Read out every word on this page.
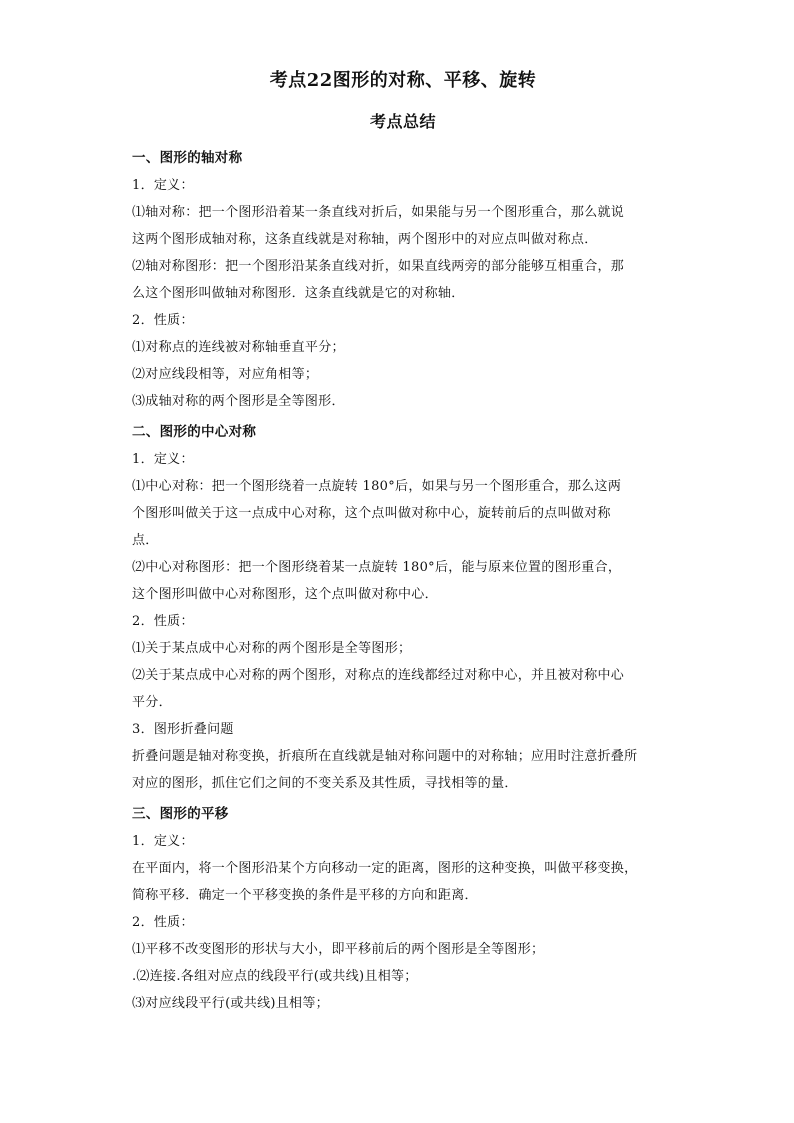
考点22图形的对称、平移、旋转
考点总结
一、图形的轴对称
1．定义：
⑴轴对称：把一个图形沿着某一条直线对折后，如果能与另一个图形重合，那么就说
这两个图形成轴对称，这条直线就是对称轴，两个图形中的对应点叫做对称点．
⑵轴对称图形：把一个图形沿某条直线对折，如果直线两旁的部分能够互相重合，那
么这个图形叫做轴对称图形．这条直线就是它的对称轴．
2．性质：
⑴对称点的连线被对称轴垂直平分；
⑵对应线段相等，对应角相等；
⑶成轴对称的两个图形是全等图形．
二、图形的中心对称
1．定义：
⑴中心对称：把一个图形绕着一点旋转 180°后，如果与另一个图形重合，那么这两
个图形叫做关于这一点成中心对称，这个点叫做对称中心，旋转前后的点叫做对称
点．
⑵中心对称图形：把一个图形绕着某一点旋转 180°后，能与原来位置的图形重合，
这个图形叫做中心对称图形，这个点叫做对称中心．
2．性质：
⑴关于某点成中心对称的两个图形是全等图形；
⑵关于某点成中心对称的两个图形，对称点的连线都经过对称中心，并且被对称中心
平分．
3．图形折叠问题
折叠问题是轴对称变换，折痕所在直线就是轴对称问题中的对称轴；应用时注意折叠所
对应的图形，抓住它们之间的不变关系及其性质，寻找相等的量．
三、图形的平移
1．定义：
在平面内，将一个图形沿某个方向移动一定的距离，图形的这种变换，叫做平移变换，
简称平移．确定一个平移变换的条件是平移的方向和距离．
2．性质：
⑴平移不改变图形的形状与大小，即平移前后的两个图形是全等图形；
.⑵连接.各组对应点的线段平行(或共线)且相等；
⑶对应线段平行(或共线)且相等；
